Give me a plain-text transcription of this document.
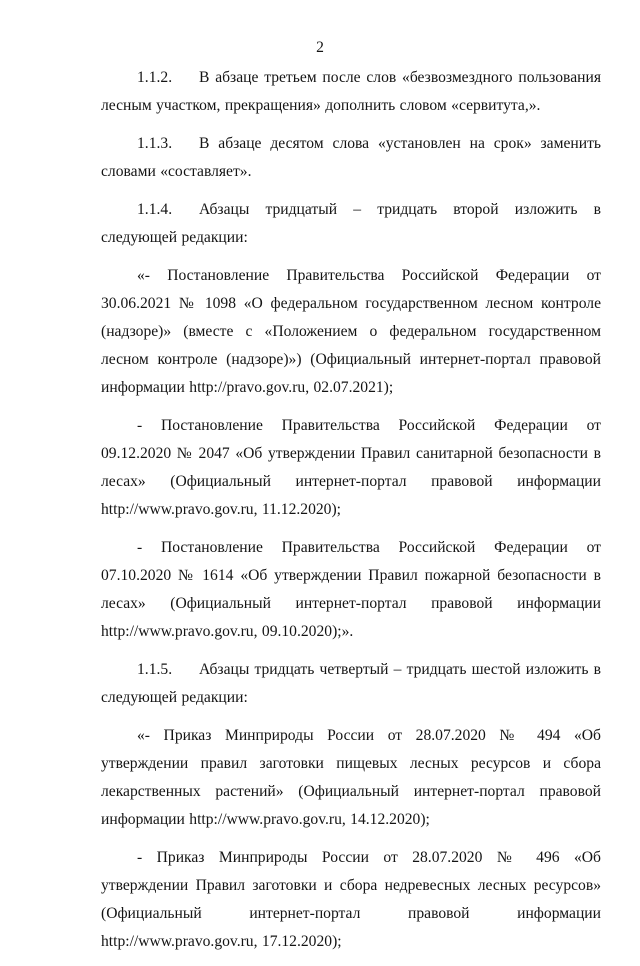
2

1.1.2. В абзаце третьем после слов «безвозмездного пользования лесным участком, прекращения» дополнить словом «сервитута,».

1.1.3. В абзаце десятом слова «установлен на срок» заменить словами «составляет».

1.1.4. Абзацы тридцатый – тридцать второй изложить в следующей редакции:

«- Постановление Правительства Российской Федерации от 30.06.2021 № 1098 «О федеральном государственном лесном контроле (надзоре)» (вместе с «Положением о федеральном государственном лесном контроле (надзоре)») (Официальный интернет-портал правовой информации http://pravo.gov.ru, 02.07.2021);

- Постановление Правительства Российской Федерации от 09.12.2020 № 2047 «Об утверждении Правил санитарной безопасности в лесах» (Официальный интернет-портал правовой информации http://www.pravo.gov.ru, 11.12.2020);

- Постановление Правительства Российской Федерации от 07.10.2020 № 1614 «Об утверждении Правил пожарной безопасности в лесах» (Официальный интернет-портал правовой информации http://www.pravo.gov.ru, 09.10.2020);».

1.1.5. Абзацы тридцать четвертый – тридцать шестой изложить в следующей редакции:

«- Приказ Минприроды России от 28.07.2020 № 494 «Об утверждении правил заготовки пищевых лесных ресурсов и сбора лекарственных растений» (Официальный интернет-портал правовой информации http://www.pravo.gov.ru, 14.12.2020);

- Приказ Минприроды России от 28.07.2020 № 496 «Об утверждении Правил заготовки и сбора недревесных лесных ресурсов» (Официальный интернет-портал правовой информации http://www.pravo.gov.ru, 17.12.2020);
